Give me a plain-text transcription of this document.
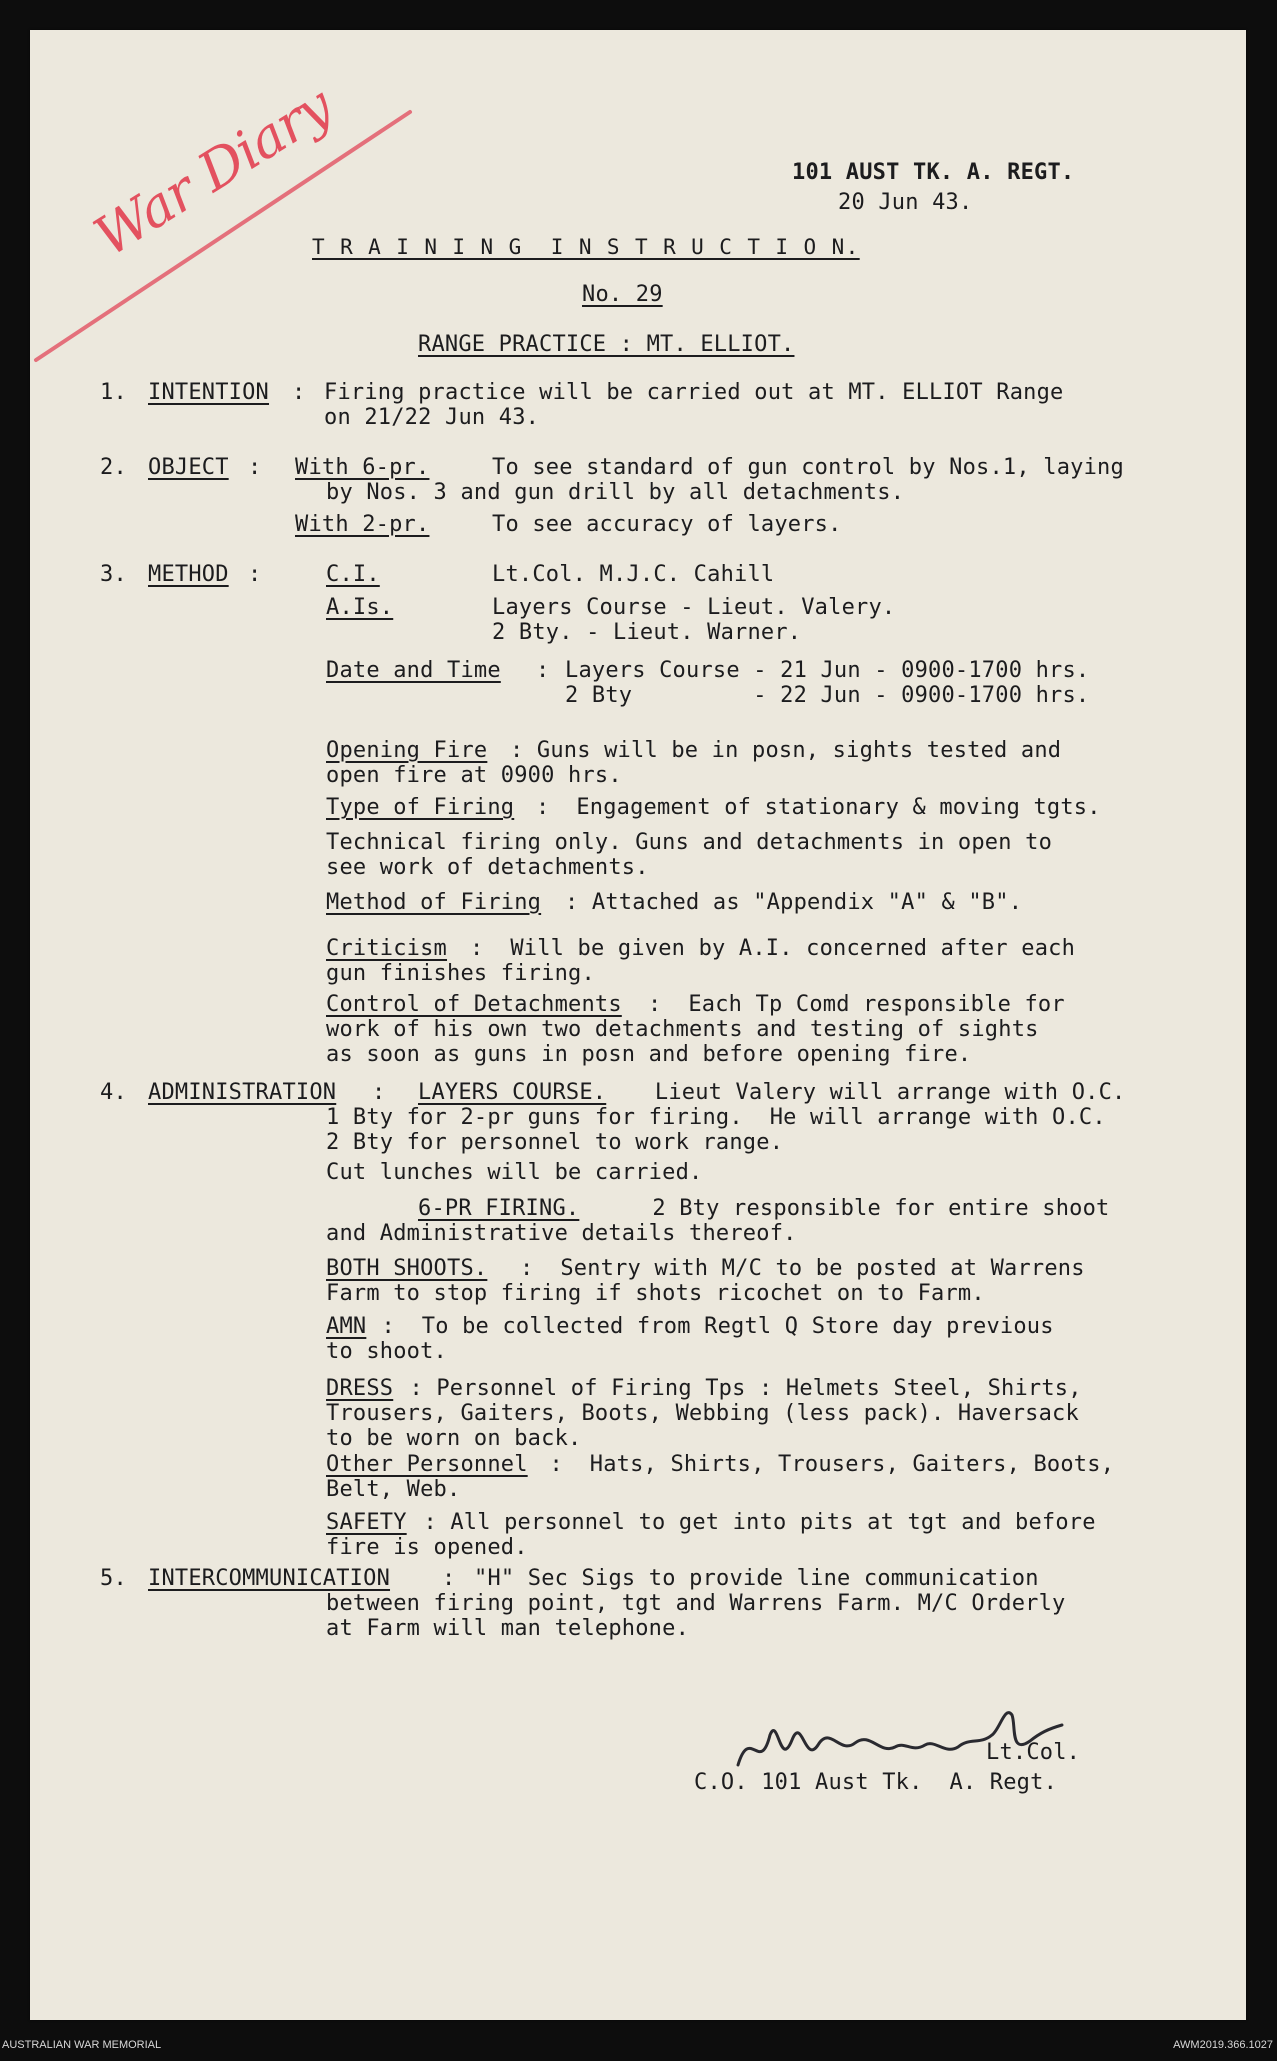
War Diary	101 AUST TK. A. REGT.
20 Jun 43.
T R A I N I N G  I N S T R U C T I O N.
No. 29
RANGE PRACTICE : MT. ELLIOT.
1. INTENTION : Firing practice will be carried out at MT. ELLIOT Range
on 21/22 Jun 43.
2. OBJECT : With 6-pr.	To see standard of gun control by Nos.1, laying
by Nos. 3 and gun drill by all detachments.
With 2-pr.	To see accuracy of layers.
3. METHOD :	C.I.	Lt.Col. M.J.C. Cahill
A.Is.	Layers Course - Lieut. Valery.
2 Bty. - Lieut. Warner.
Date and Time : Layers Course - 21 Jun - 0900-1700 hrs.
2 Bty         - 22 Jun - 0900-1700 hrs.
Opening Fire : Guns will be in posn, sights tested and
open fire at 0900 hrs.
Type of Firing :  Engagement of stationary & moving tgts.
Technical firing only. Guns and detachments in open to
see work of detachments.
Method of Firing : Attached as "Appendix "A" & "B".
Criticism :  Will be given by A.I. concerned after each
gun finishes firing.
Control of Detachments :  Each Tp Comd responsible for
work of his own two detachments and testing of sights
as soon as guns in posn and before opening fire.
4. ADMINISTRATION : LAYERS COURSE. Lieut Valery will arrange with O.C.
1 Bty for 2-pr guns for firing.  He will arrange with O.C.
2 Bty for personnel to work range.
Cut lunches will be carried.
6-PR FIRING. 2 Bty responsible for entire shoot
and Administrative details thereof.
BOTH SHOOTS. :  Sentry with M/C to be posted at Warrens
Farm to stop firing if shots ricochet on to Farm.
AMN :  To be collected from Regtl Q Store day previous
to shoot.
DRESS : Personnel of Firing Tps : Helmets Steel, Shirts,
Trousers, Gaiters, Boots, Webbing (less pack). Haversack
to be worn on back.
Other Personnel :  Hats, Shirts, Trousers, Gaiters, Boots,
Belt, Web.
SAFETY : All personnel to get into pits at tgt and before
fire is opened.
5. INTERCOMMUNICATION : "H" Sec Sigs to provide line communication
between firing point, tgt and Warrens Farm. M/C Orderly
at Farm will man telephone.
Lt.Col.
C.O. 101 Aust Tk.  A. Regt.
AUSTRALIAN WAR MEMORIAL	AWM2019.366.1027
